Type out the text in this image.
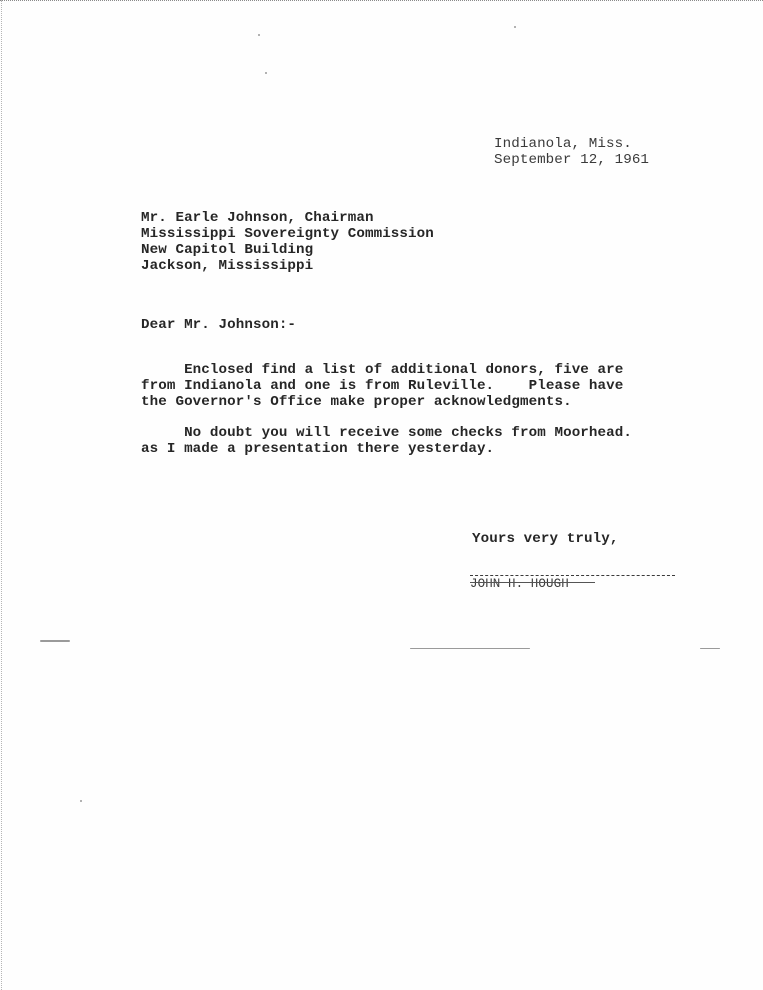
Indianola, Miss.
September 12, 1961
Mr. Earle Johnson, Chairman
Mississippi Sovereignty Commission
New Capitol Building
Jackson, Mississippi
Dear Mr. Johnson:-
Enclosed find a list of additional donors, five are
from Indianola and one is from Ruleville.    Please have
the Governor's Office make proper acknowledgments.
No doubt you will receive some checks from Moorhead.
as I made a presentation there yesterday.
Yours very truly,
JOHN H. HOUGH
